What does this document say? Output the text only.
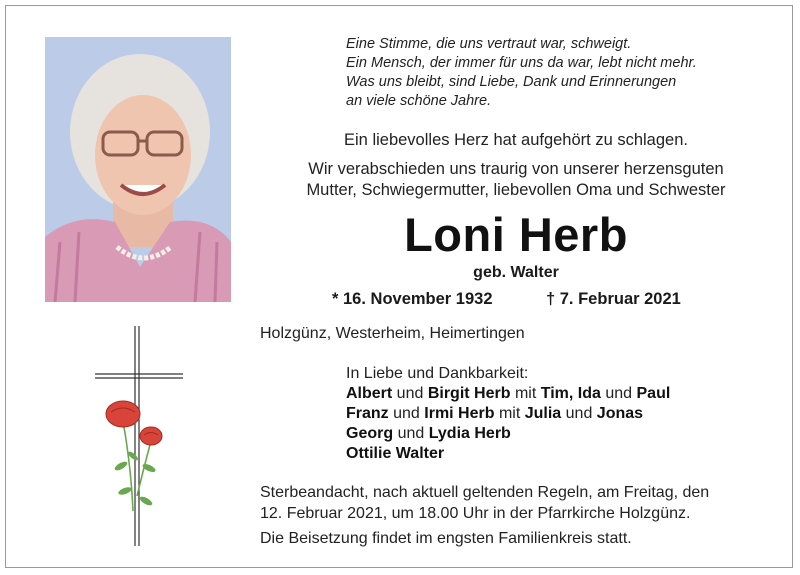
Eine Stimme, die uns vertraut war, schweigt.
Ein Mensch, der immer für uns da war, lebt nicht mehr.
Was uns bleibt, sind Liebe, Dank und Erinnerungen
an viele schöne Jahre.
Ein liebevolles Herz hat aufgehört zu schlagen.
Wir verabschieden uns traurig von unserer herzensguten
Mutter, Schwiegermutter, liebevollen Oma und Schwester
Loni Herb
geb. Walter
* 16. November 1932	† 7. Februar 2021
Holzgünz, Westerheim, Heimertingen
In Liebe und Dankbarkeit:
Albert und Birgit Herb mit Tim, Ida und Paul
Franz und Irmi Herb mit Julia und Jonas
Georg und Lydia Herb
Ottilie Walter
Sterbeandacht, nach aktuell geltenden Regeln, am Freitag, den
12. Februar 2021, um 18.00 Uhr in der Pfarrkirche Holzgünz.
Die Beisetzung findet im engsten Familienkreis statt.
